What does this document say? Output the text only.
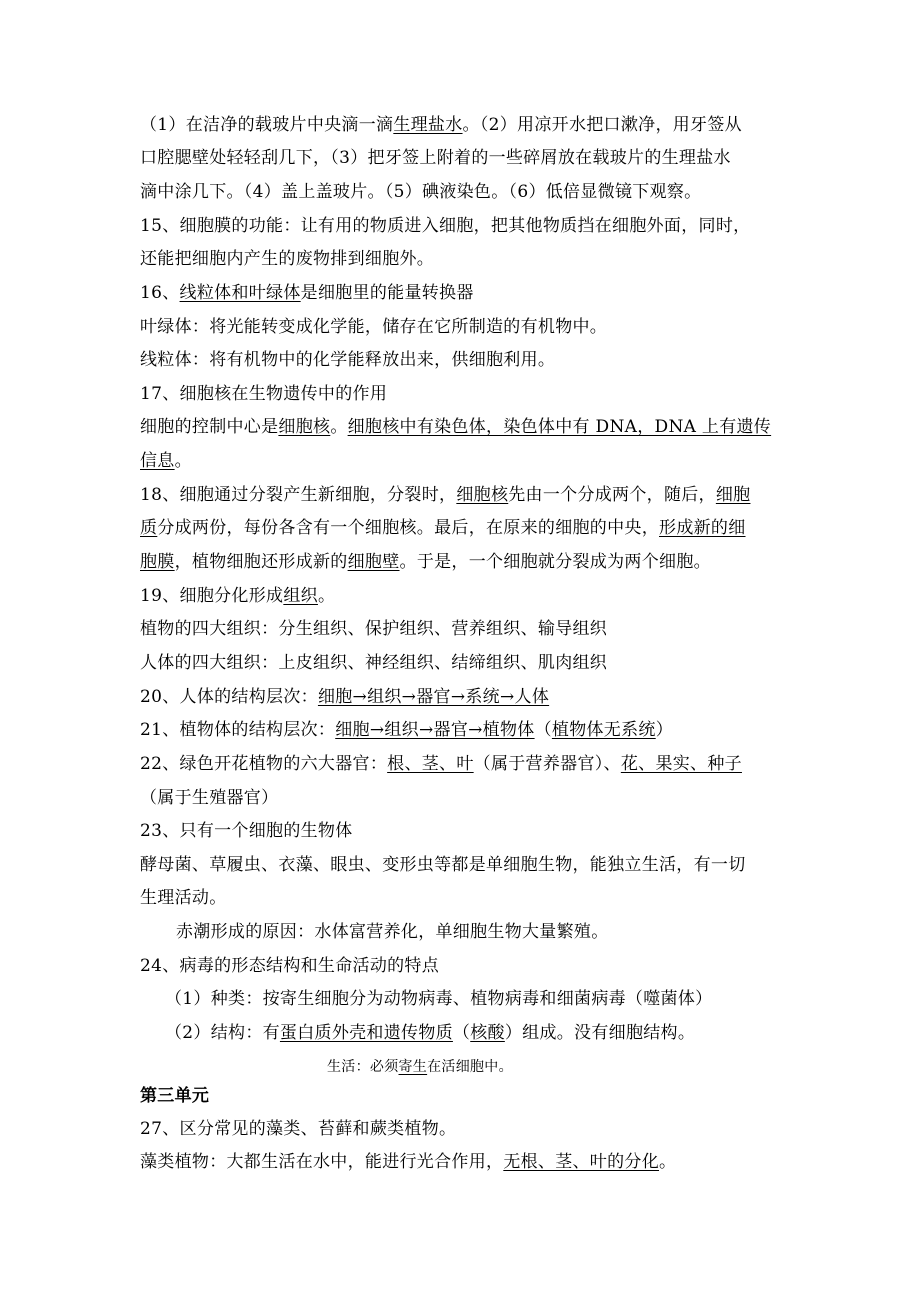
（1）在洁净的载玻片中央滴一滴生理盐水。（2）用凉开水把口漱净，用牙签从
口腔腮壁处轻轻刮几下，（3）把牙签上附着的一些碎屑放在载玻片的生理盐水
滴中涂几下。（4）盖上盖玻片。（5）碘液染色。（6）低倍显微镜下观察。
15、细胞膜的功能：让有用的物质进入细胞，把其他物质挡在细胞外面，同时，
还能把细胞内产生的废物排到细胞外。
16、线粒体和叶绿体是细胞里的能量转换器
叶绿体：将光能转变成化学能，储存在它所制造的有机物中。
线粒体：将有机物中的化学能释放出来，供细胞利用。
17、细胞核在生物遗传中的作用
细胞的控制中心是细胞核。细胞核中有染色体，染色体中有 DNA，DNA 上有遗传
信息。
18、细胞通过分裂产生新细胞，分裂时，细胞核先由一个分成两个，随后，细胞
质分成两份，每份各含有一个细胞核。最后，在原来的细胞的中央，形成新的细
胞膜，植物细胞还形成新的细胞壁。于是，一个细胞就分裂成为两个细胞。
19、细胞分化形成组织。
植物的四大组织：分生组织、保护组织、营养组织、输导组织
人体的四大组织：上皮组织、神经组织、结缔组织、肌肉组织
20、人体的结构层次：细胞→组织→器官→系统→人体
21、植物体的结构层次：细胞→组织→器官→植物体（植物体无系统）
22、绿色开花植物的六大器官：根、茎、叶（属于营养器官）、花、果实、种子
（属于生殖器官）
23、只有一个细胞的生物体
酵母菌、草履虫、衣藻、眼虫、变形虫等都是单细胞生物，能独立生活，有一切
生理活动。
赤潮形成的原因：水体富营养化，单细胞生物大量繁殖。
24、病毒的形态结构和生命活动的特点
（1）种类：按寄生细胞分为动物病毒、植物病毒和细菌病毒（噬菌体）
（2）结构：有蛋白质外壳和遗传物质（核酸）组成。没有细胞结构。
生活：必须寄生在活细胞中。
第三单元
27、区分常见的藻类、苔藓和蕨类植物。
藻类植物：大都生活在水中，能进行光合作用，无根、茎、叶的分化。
